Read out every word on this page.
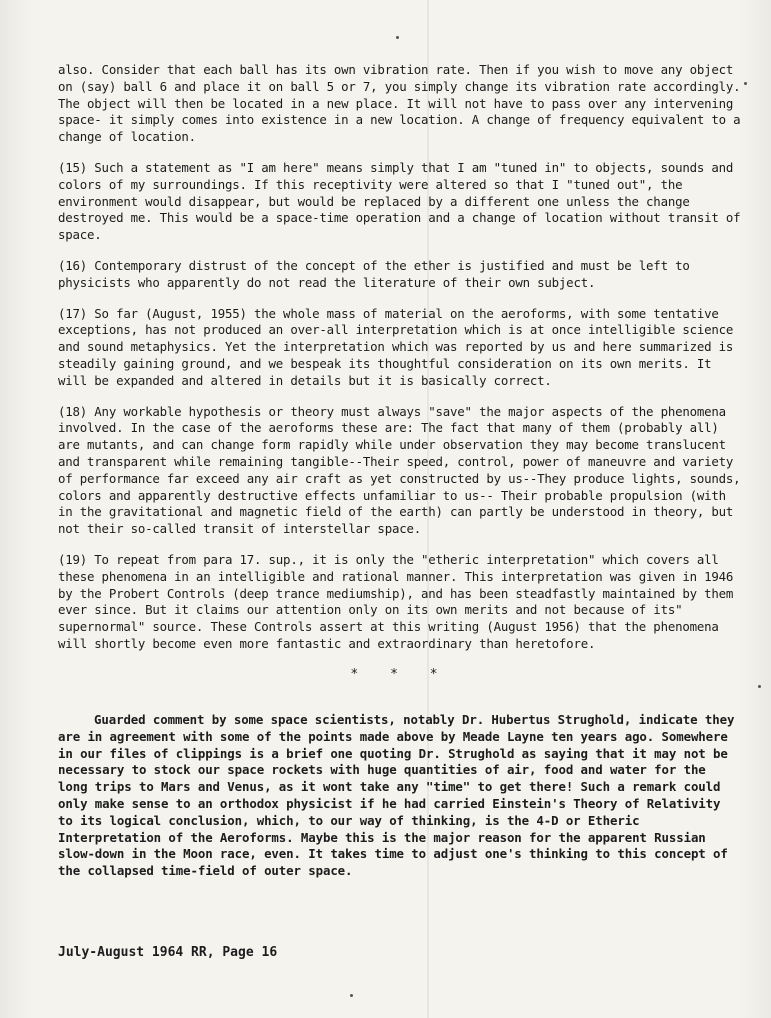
also. Consider that each ball has its own vibration rate. Then if you wish to move any object on (say) ball 6 and place it on ball 5 or 7, you simply change its vibration rate accordingly. The object will then be located in a new place. It will not have to pass over any intervening space- it simply comes into existence in a new location. A change of frequency equivalent to a change of location.

(15) Such a statement as "I am here" means simply that I am "tuned in" to objects, sounds and colors of my surroundings. If this receptivity were altered so that I "tuned out", the environment would disappear, but would be replaced by a different one unless the change destroyed me. This would be a space-time operation and a change of location without transit of space.

(16) Contemporary distrust of the concept of the ether is justified and must be left to physicists who apparently do not read the literature of their own subject.

(17) So far (August, 1955) the whole mass of material on the aeroforms, with some tentative exceptions, has not produced an over-all interpretation which is at once intelligible science and sound metaphysics. Yet the interpretation which was reported by us and here summarized is steadily gaining ground, and we bespeak its thoughtful consideration on its own merits. It will be expanded and altered in details but it is basically correct.

(18) Any workable hypothesis or theory must always "save" the major aspects of the phenomena involved. In the case of the aeroforms these are: The fact that many of them (probably all) are mutants, and can change form rapidly while under observation they may become translucent and transparent while remaining tangible--Their speed, control, power of maneuvre and variety of performance far exceed any air craft as yet constructed by us--They produce lights, sounds, colors and apparently destructive effects unfamiliar to us-- Their probable propulsion (with in the gravitational and magnetic field of the earth) can partly be understood in theory, but not their so-called transit of interstellar space.

(19) To repeat from para 17. sup., it is only the "etheric interpretation" which covers all these phenomena in an intelligible and rational manner. This interpretation was given in 1946 by the Probert Controls (deep trance mediumship), and has been steadfastly maintained by them ever since. But it claims our attention only on its own merits and not because of its" supernormal" source. These Controls assert at this writing (August 1956) that the phenomena will shortly become even more fantastic and extraordinary than heretofore.

* * *

Guarded comment by some space scientists, notably Dr. Hubertus Strughold, indicate they are in agreement with some of the points made above by Meade Layne ten years ago. Somewhere in our files of clippings is a brief one quoting Dr. Strughold as saying that it may not be necessary to stock our space rockets with huge quantities of air, food and water for the long trips to Mars and Venus, as it wont take any "time" to get there! Such a remark could only make sense to an orthodox physicist if he had carried Einstein's Theory of Relativity to its logical conclusion, which, to our way of thinking, is the 4-D or Etheric Interpretation of the Aeroforms. Maybe this is the major reason for the apparent Russian slow-down in the Moon race, even. It takes time to adjust one's thinking to this concept of the collapsed time-field of outer space.

July-August 1964 RR, Page 16
